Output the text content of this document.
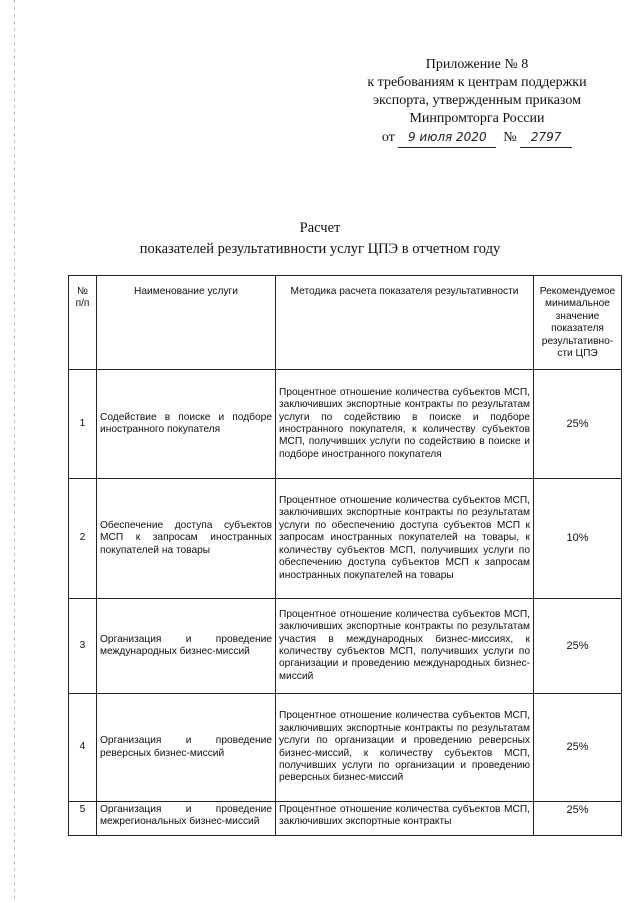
Приложение № 8
к требованиям к центрам поддержки
экспорта, утвержденным приказом
Минпромторга России
от 9 июля 2020 № 2797
Расчет
показателей результативности услуг ЦПЭ в отчетном году
№ п/п	Наименование услуги	Методика расчета показателя результативности	Рекомендуемое минимальное значение показателя результативно-сти ЦПЭ
1	Содействие в поиске и подборе иностранного покупателя	Процентное отношение количества субъектов МСП, заключивших экспортные контракты по результатам услуги по содействию в поиске и подборе иностранного покупателя, к количеству субъектов МСП, получивших услуги по содействию в поиске и подборе иностранного покупателя	25%
2	Обеспечение доступа субъектов МСП к запросам иностранных покупателей на товары	Процентное отношение количества субъектов МСП, заключивших экспортные контракты по результатам услуги по обеспечению доступа субъектов МСП к запросам иностранных покупателей на товары, к количеству субъектов МСП, получивших услуги по обеспечению доступа субъектов МСП к запросам иностранных покупателей на товары	10%
3	Организация и проведение международных бизнес-миссий	Процентное отношение количества субъектов МСП, заключивших экспортные контракты по результатам участия в международных бизнес-миссиях, к количеству субъектов МСП, получивших услуги по организации и проведению международных бизнес-миссий	25%
4	Организация и проведение реверсных бизнес-миссий	Процентное отношение количества субъектов МСП, заключивших экспортные контракты по результатам услуги по организации и проведению реверсных бизнес-миссий, к количеству субъектов МСП, получивших услуги по организации и проведению реверсных бизнес-миссий	25%
5	Организация и проведение межрегиональных бизнес-миссий	Процентное отношение количества субъектов МСП, заключивших экспортные контракты	25%
